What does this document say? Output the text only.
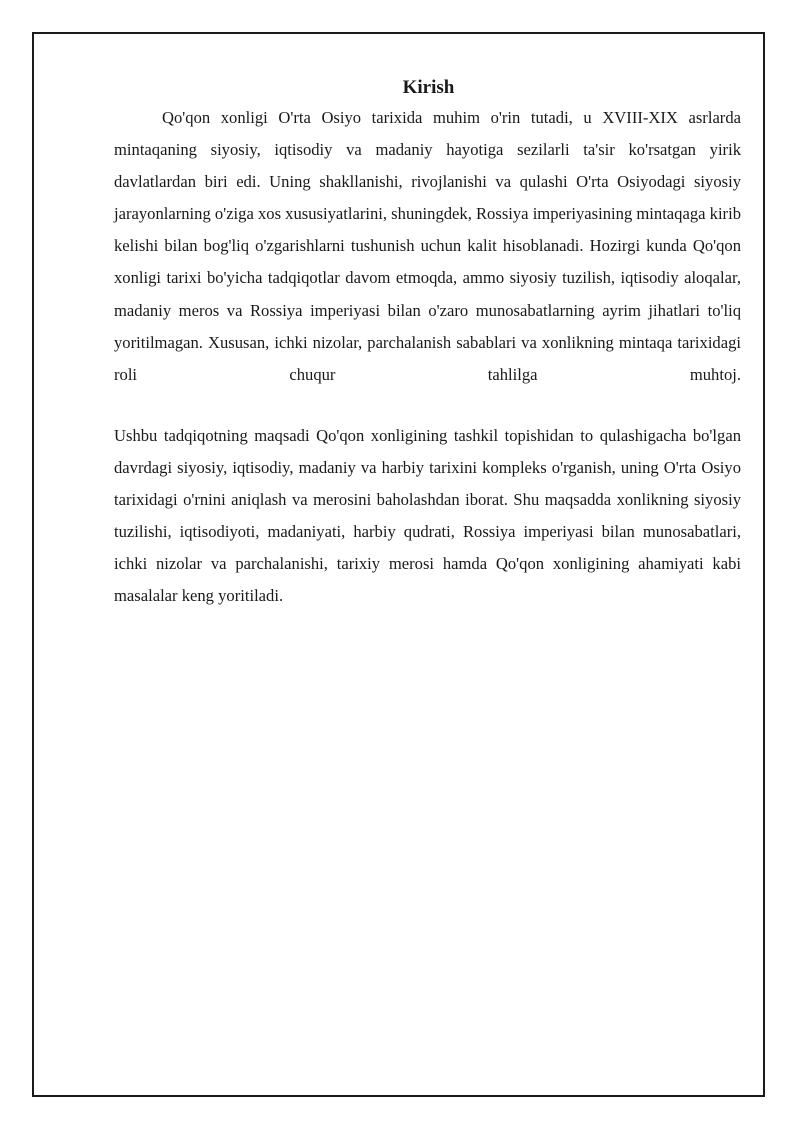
Kirish

Qo'qon xonligi O'rta Osiyo tarixida muhim o'rin tutadi, u XVIII-XIX asrlarda mintaqaning siyosiy, iqtisodiy va madaniy hayotiga sezilarli ta'sir ko'rsatgan yirik davlatlardan biri edi. Uning shakllanishi, rivojlanishi va qulashi O'rta Osiyodagi siyosiy jarayonlarning o'ziga xos xususiyatlarini, shuningdek, Rossiya imperiyasining mintaqaga kirib kelishi bilan bog'liq o'zgarishlarni tushunish uchun kalit hisoblanadi. Hozirgi kunda Qo'qon xonligi tarixi bo'yicha tadqiqotlar davom etmoqda, ammo siyosiy tuzilish, iqtisodiy aloqalar, madaniy meros va Rossiya imperiyasi bilan o'zaro munosabatlarning ayrim jihatlari to'liq yoritilmagan. Xususan, ichki nizolar, parchalanish sabablari va xonlikning mintaqa tarixidagi roli chuqur tahlilga muhtoj.

Ushbu tadqiqotning maqsadi Qo'qon xonligining tashkil topishidan to qulashigacha bo'lgan davrdagi siyosiy, iqtisodiy, madaniy va harbiy tarixini kompleks o'rganish, uning O'rta Osiyo tarixidagi o'rnini aniqlash va merosini baholashdan iborat. Shu maqsadda xonlikning siyosiy tuzilishi, iqtisodiyoti, madaniyati, harbiy qudrati, Rossiya imperiyasi bilan munosabatlari, ichki nizolar va parchalanishi, tarixiy merosi hamda Qo'qon xonligining ahamiyati kabi masalalar keng yoritiladi.
